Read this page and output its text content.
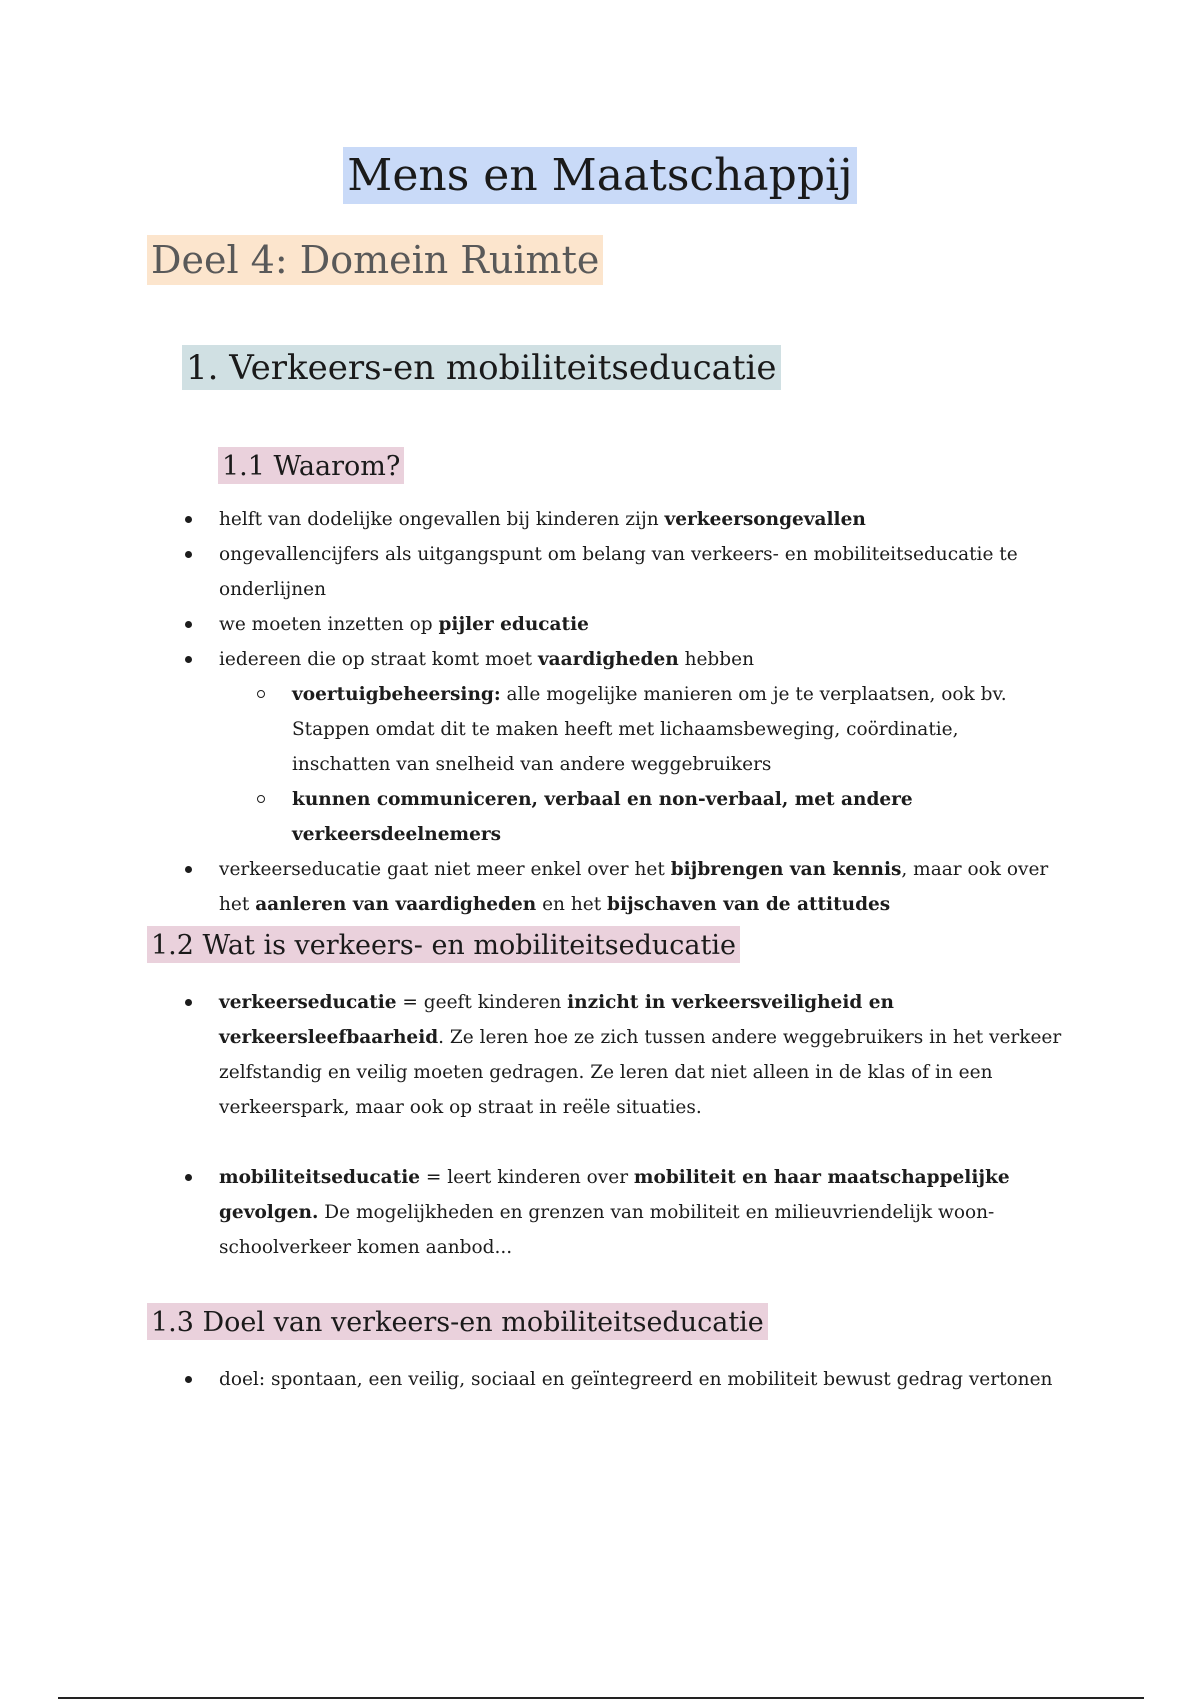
Mens en Maatschappij
Deel 4: Domein Ruimte
1. Verkeers-en mobiliteitseducatie
1.1 Waarom?
helft van dodelijke ongevallen bij kinderen zijn verkeersongevallen
ongevallencijfers als uitgangspunt om belang van verkeers- en mobiliteitseducatie te onderlijnen
we moeten inzetten op pijler educatie
iedereen die op straat komt moet vaardigheden hebben
voertuigbeheersing: alle mogelijke manieren om je te verplaatsen, ook bv. Stappen omdat dit te maken heeft met lichaamsbeweging, coördinatie, inschatten van snelheid van andere weggebruikers
kunnen communiceren, verbaal en non-verbaal, met andere verkeersdeelnemers
verkeerseducatie gaat niet meer enkel over het bijbrengen van kennis, maar ook over het aanleren van vaardigheden en het bijschaven van de attitudes
1.2 Wat is verkeers- en mobiliteitseducatie
verkeerseducatie = geeft kinderen inzicht in verkeersveiligheid en verkeersleefbaarheid. Ze leren hoe ze zich tussen andere weggebruikers in het verkeer zelfstandig en veilig moeten gedragen. Ze leren dat niet alleen in de klas of in een verkeerspark, maar ook op straat in reële situaties.
mobiliteitseducatie = leert kinderen over mobiliteit en haar maatschappelijke gevolgen. De mogelijkheden en grenzen van mobiliteit en milieuvriendelijk woon-schoolverkeer komen aanbod...
1.3 Doel van verkeers-en mobiliteitseducatie
doel: spontaan, een veilig, sociaal en geïntegreerd en mobiliteit bewust gedrag vertonen
